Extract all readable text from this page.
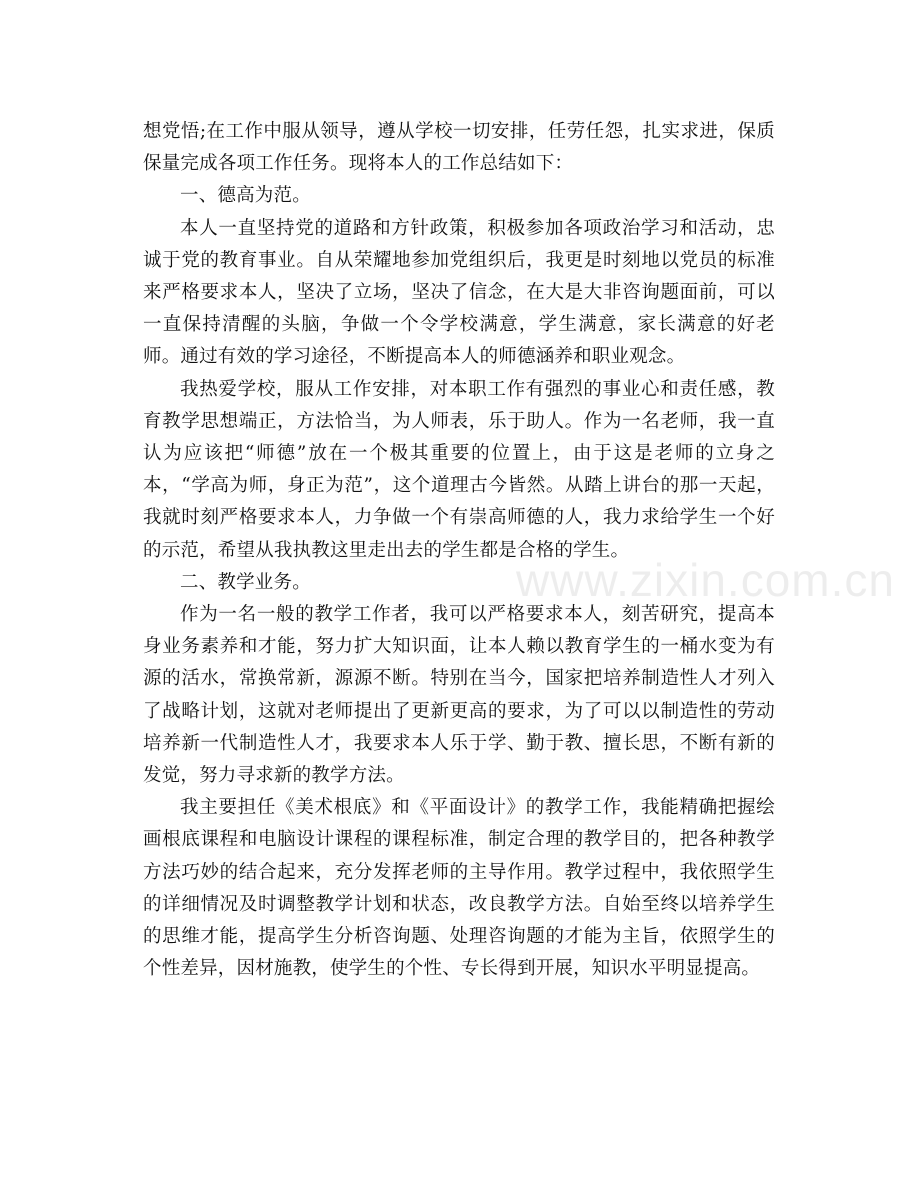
想党悟;在工作中服从领导，遵从学校一切安排，任劳任怨，扎实求进，保质保量完成各项工作任务。现将本人的工作总结如下：

一、德高为范。

本人一直坚持党的道路和方针政策，积极参加各项政治学习和活动，忠诚于党的教育事业。自从荣耀地参加党组织后，我更是时刻地以党员的标准来严格要求本人，坚决了立场，坚决了信念，在大是大非咨询题面前，可以一直保持清醒的头脑，争做一个令学校满意，学生满意，家长满意的好老师。通过有效的学习途径，不断提高本人的师德涵养和职业观念。

我热爱学校，服从工作安排，对本职工作有强烈的事业心和责任感，教育教学思想端正，方法恰当，为人师表，乐于助人。作为一名老师，我一直认为应该把“师德”放在一个极其重要的位置上，由于这是老师的立身之本，“学高为师，身正为范”，这个道理古今皆然。从踏上讲台的那一天起，我就时刻严格要求本人，力争做一个有崇高师德的人，我力求给学生一个好的示范，希望从我执教这里走出去的学生都是合格的学生。

二、教学业务。

作为一名一般的教学工作者，我可以严格要求本人，刻苦研究，提高本身业务素养和才能，努力扩大知识面，让本人赖以教育学生的一桶水变为有源的活水，常换常新，源源不断。特别在当今，国家把培养制造性人才列入了战略计划，这就对老师提出了更新更高的要求，为了可以以制造性的劳动培养新一代制造性人才，我要求本人乐于学、勤于教、擅长思，不断有新的发觉，努力寻求新的教学方法。

我主要担任《美术根底》和《平面设计》的教学工作，我能精确把握绘画根底课程和电脑设计课程的课程标准，制定合理的教学目的，把各种教学方法巧妙的结合起来，充分发挥老师的主导作用。教学过程中，我依照学生的详细情况及时调整教学计划和状态，改良教学方法。自始至终以培养学生的思维才能，提高学生分析咨询题、处理咨询题的才能为主旨，依照学生的个性差异，因材施教，使学生的个性、专长得到开展，知识水平明显提高。

www.zixin.com.cn
